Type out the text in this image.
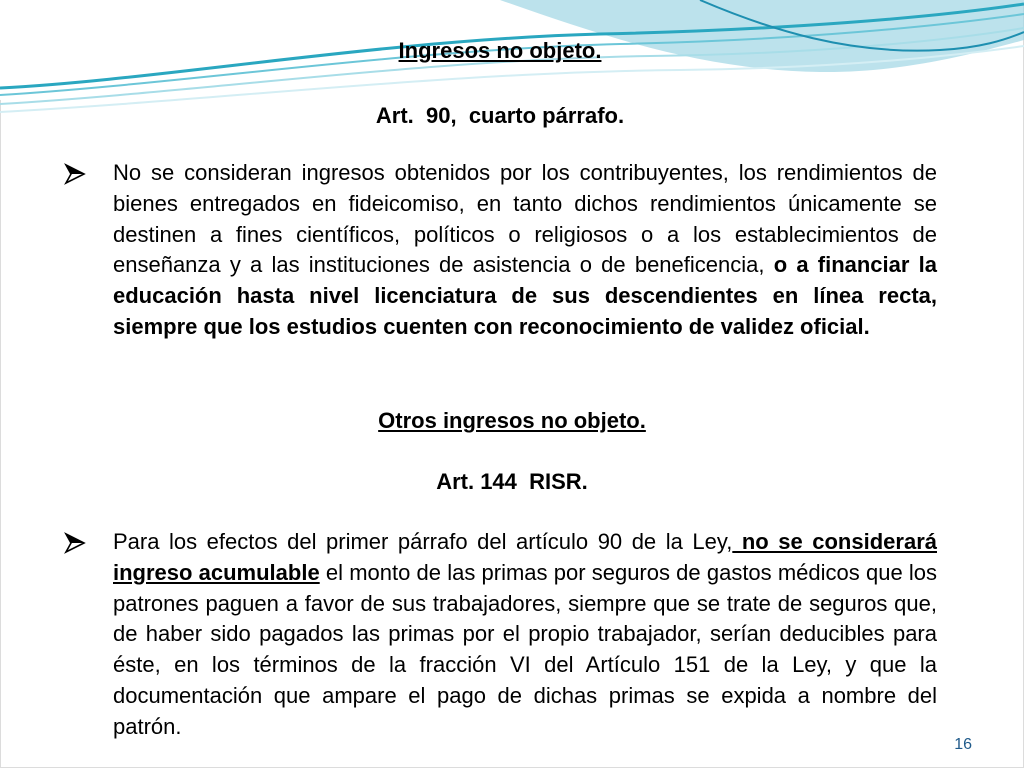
Ingresos no objeto.
Art.  90,  cuarto párrafo.
No se consideran ingresos obtenidos por los contribuyentes, los rendimientos de bienes entregados en fideicomiso, en tanto dichos rendimientos únicamente se destinen a fines científicos, políticos o religiosos o a los establecimientos de enseñanza y a las instituciones de asistencia o de beneficencia, o a financiar la educación hasta nivel licenciatura de sus descendientes en línea recta, siempre que los estudios cuenten con reconocimiento de validez oficial.
Otros ingresos no objeto.
Art. 144  RISR.
Para los efectos del primer párrafo del artículo 90 de la Ley, no se considerará ingreso acumulable el monto de las primas por seguros de gastos médicos que los patrones paguen a favor de sus trabajadores, siempre que se trate de seguros que, de haber sido pagados las primas por el propio trabajador, serían deducibles para éste, en los términos de la fracción VI del Artículo 151 de la Ley, y que la documentación que ampare el pago de dichas primas se expida a nombre del patrón.
16
